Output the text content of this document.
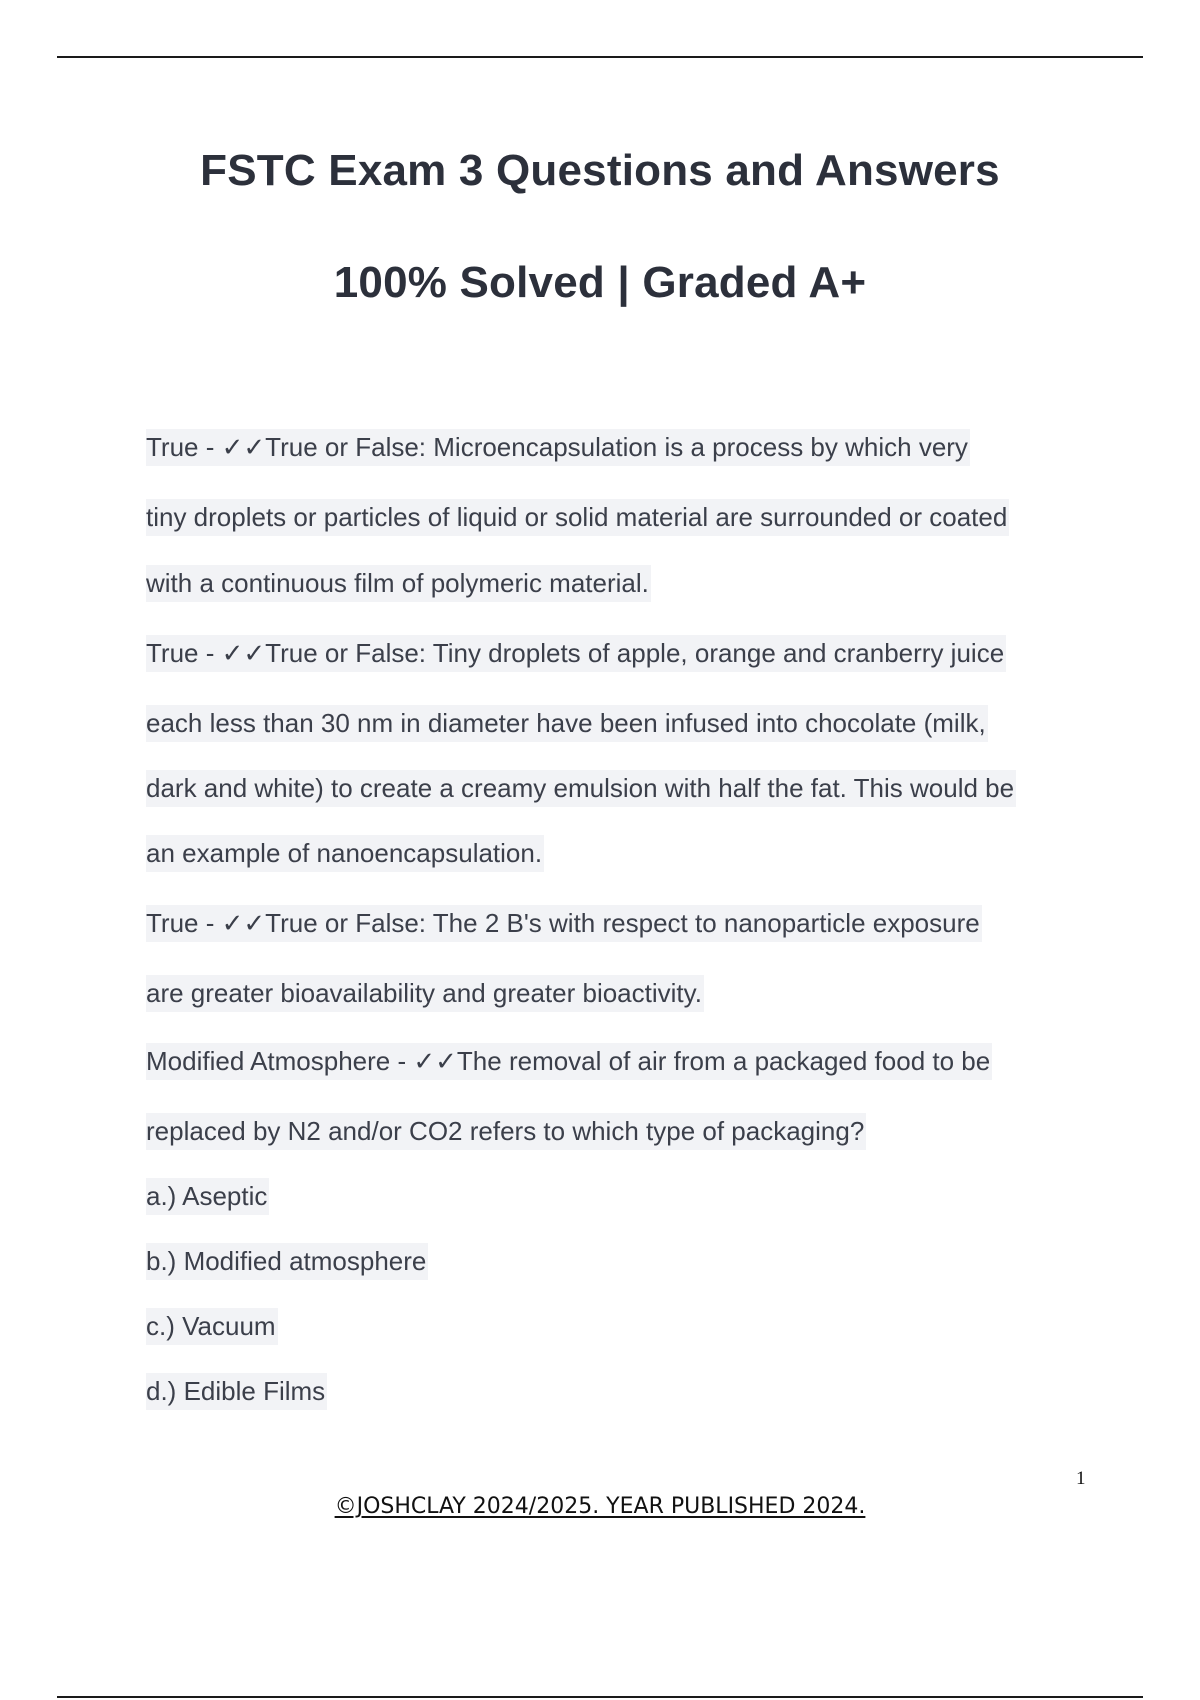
FSTC Exam 3 Questions and Answers
100% Solved | Graded A+
True - ✓✓True or False: Microencapsulation is a process by which very
tiny droplets or particles of liquid or solid material are surrounded or coated
with a continuous film of polymeric material.
True - ✓✓True or False: Tiny droplets of apple, orange and cranberry juice
each less than 30 nm in diameter have been infused into chocolate (milk,
dark and white) to create a creamy emulsion with half the fat. This would be
an example of nanoencapsulation.
True - ✓✓True or False: The 2 B's with respect to nanoparticle exposure
are greater bioavailability and greater bioactivity.
Modified Atmosphere - ✓✓The removal of air from a packaged food to be
replaced by N2 and/or CO2 refers to which type of packaging?
a.) Aseptic
b.) Modified atmosphere
c.) Vacuum
d.) Edible Films
1
©JOSHCLAY 2024/2025. YEAR PUBLISHED 2024.
